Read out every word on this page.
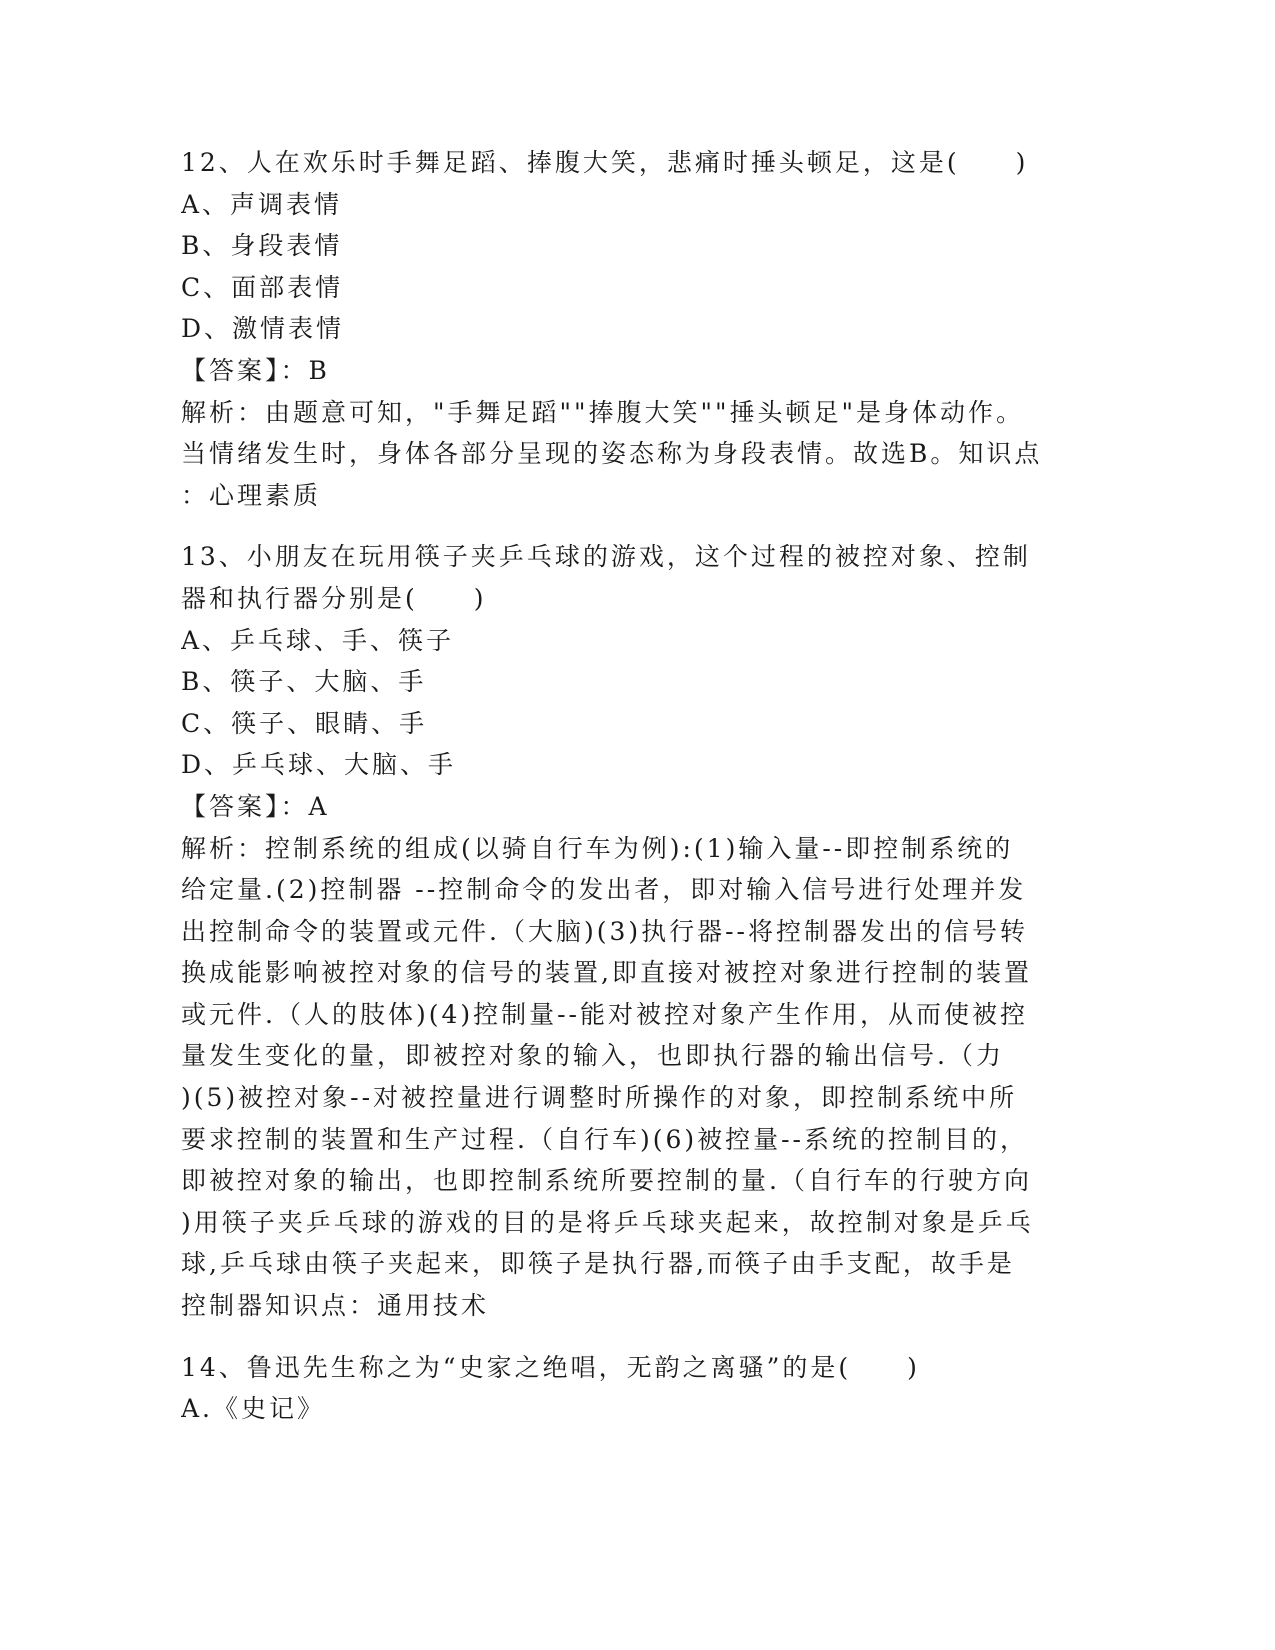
12、人在欢乐时手舞足蹈、捧腹大笑，悲痛时捶头顿足，这是(　　)
A、声调表情
B、身段表情
C、面部表情
D、激情表情
【答案】：B
解析：由题意可知，"手舞足蹈""捧腹大笑""捶头顿足"是身体动作。
当情绪发生时，身体各部分呈现的姿态称为身段表情。故选B。知识点
：心理素质
13、小朋友在玩用筷子夹乒乓球的游戏，这个过程的被控对象、控制
器和执行器分别是(　　)
A、乒乓球、手、筷子
B、筷子、大脑、手
C、筷子、眼睛、手
D、乒乓球、大脑、手
【答案】：A
解析：控制系统的组成(以骑自行车为例):(1)输入量--即控制系统的
给定量.(2)控制器 --控制命令的发出者，即对输入信号进行处理并发
出控制命令的装置或元件.（大脑)(3)执行器--将控制器发出的信号转
换成能影响被控对象的信号的装置,即直接对被控对象进行控制的装置
或元件.（人的肢体)(4)控制量--能对被控对象产生作用，从而使被控
量发生变化的量，即被控对象的输入，也即执行器的输出信号.（力
)(5)被控对象--对被控量进行调整时所操作的对象，即控制系统中所
要求控制的装置和生产过程.（自行车)(6)被控量--系统的控制目的，
即被控对象的输出，也即控制系统所要控制的量.（自行车的行驶方向
)用筷子夹乒乓球的游戏的目的是将乒乓球夹起来，故控制对象是乒乓
球,乒乓球由筷子夹起来，即筷子是执行器,而筷子由手支配，故手是
控制器知识点：通用技术
14、鲁迅先生称之为“史家之绝唱，无韵之离骚”的是(　　)
A.《史记》
